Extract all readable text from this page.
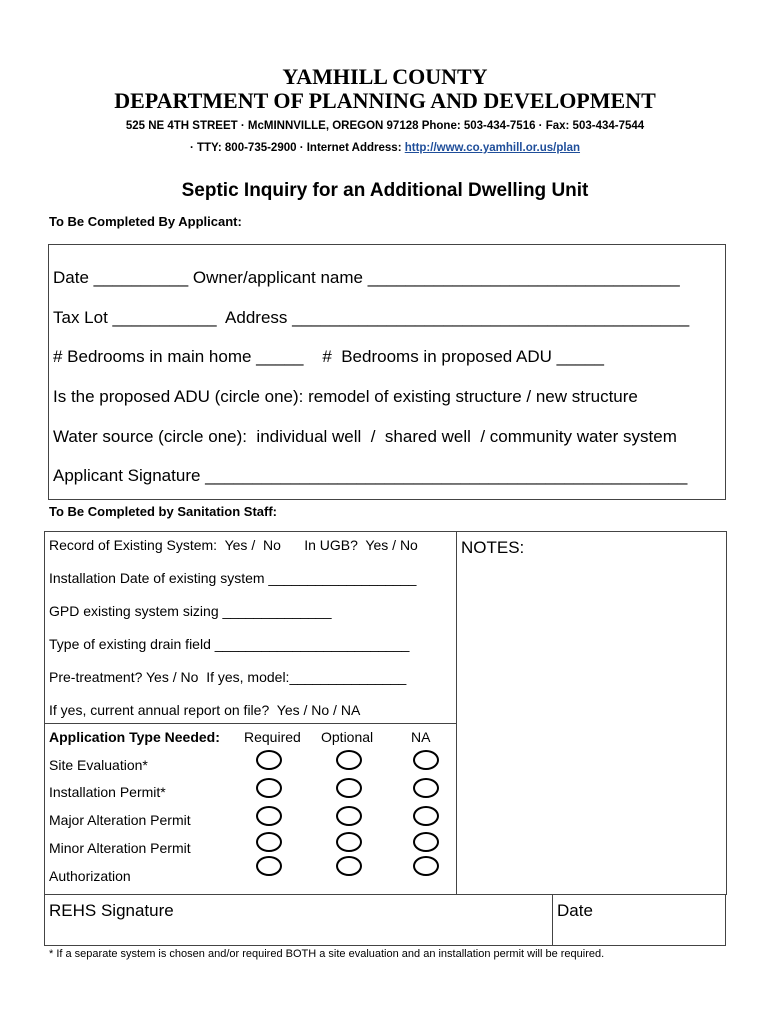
YAMHILL COUNTY
DEPARTMENT OF PLANNING AND DEVELOPMENT
525 NE 4TH STREET · McMINNVILLE, OREGON 97128 Phone: 503-434-7516 · Fax: 503-434-7544
· TTY: 800-735-2900 · Internet Address: http://www.co.yamhill.or.us/plan
Septic Inquiry for an Additional Dwelling Unit
To Be Completed By Applicant:
Date __________ Owner/applicant name _________________________________
Tax Lot ___________  Address __________________________________________
# Bedrooms in main home _____    #  Bedrooms in proposed ADU _____
Is the proposed ADU (circle one): remodel of existing structure / new structure
Water source (circle one):  individual well  /  shared well  / community water system
Applicant Signature ___________________________________________________
To Be Completed by Sanitation Staff:
Record of Existing System:  Yes /  No      In UGB?  Yes / No
Installation Date of existing system ___________________
GPD existing system sizing ______________
Type of existing drain field _________________________
Pre-treatment? Yes / No  If yes, model:_______________
If yes, current annual report on file?  Yes / No / NA
NOTES:
Application Type Needed: Required Optional	NA
Site Evaluation*
Installation Permit*
Major Alteration Permit
Minor Alteration Permit
Authorization
REHS Signature	Date
* If a separate system is chosen and/or required BOTH a site evaluation and an installation permit will be required.
